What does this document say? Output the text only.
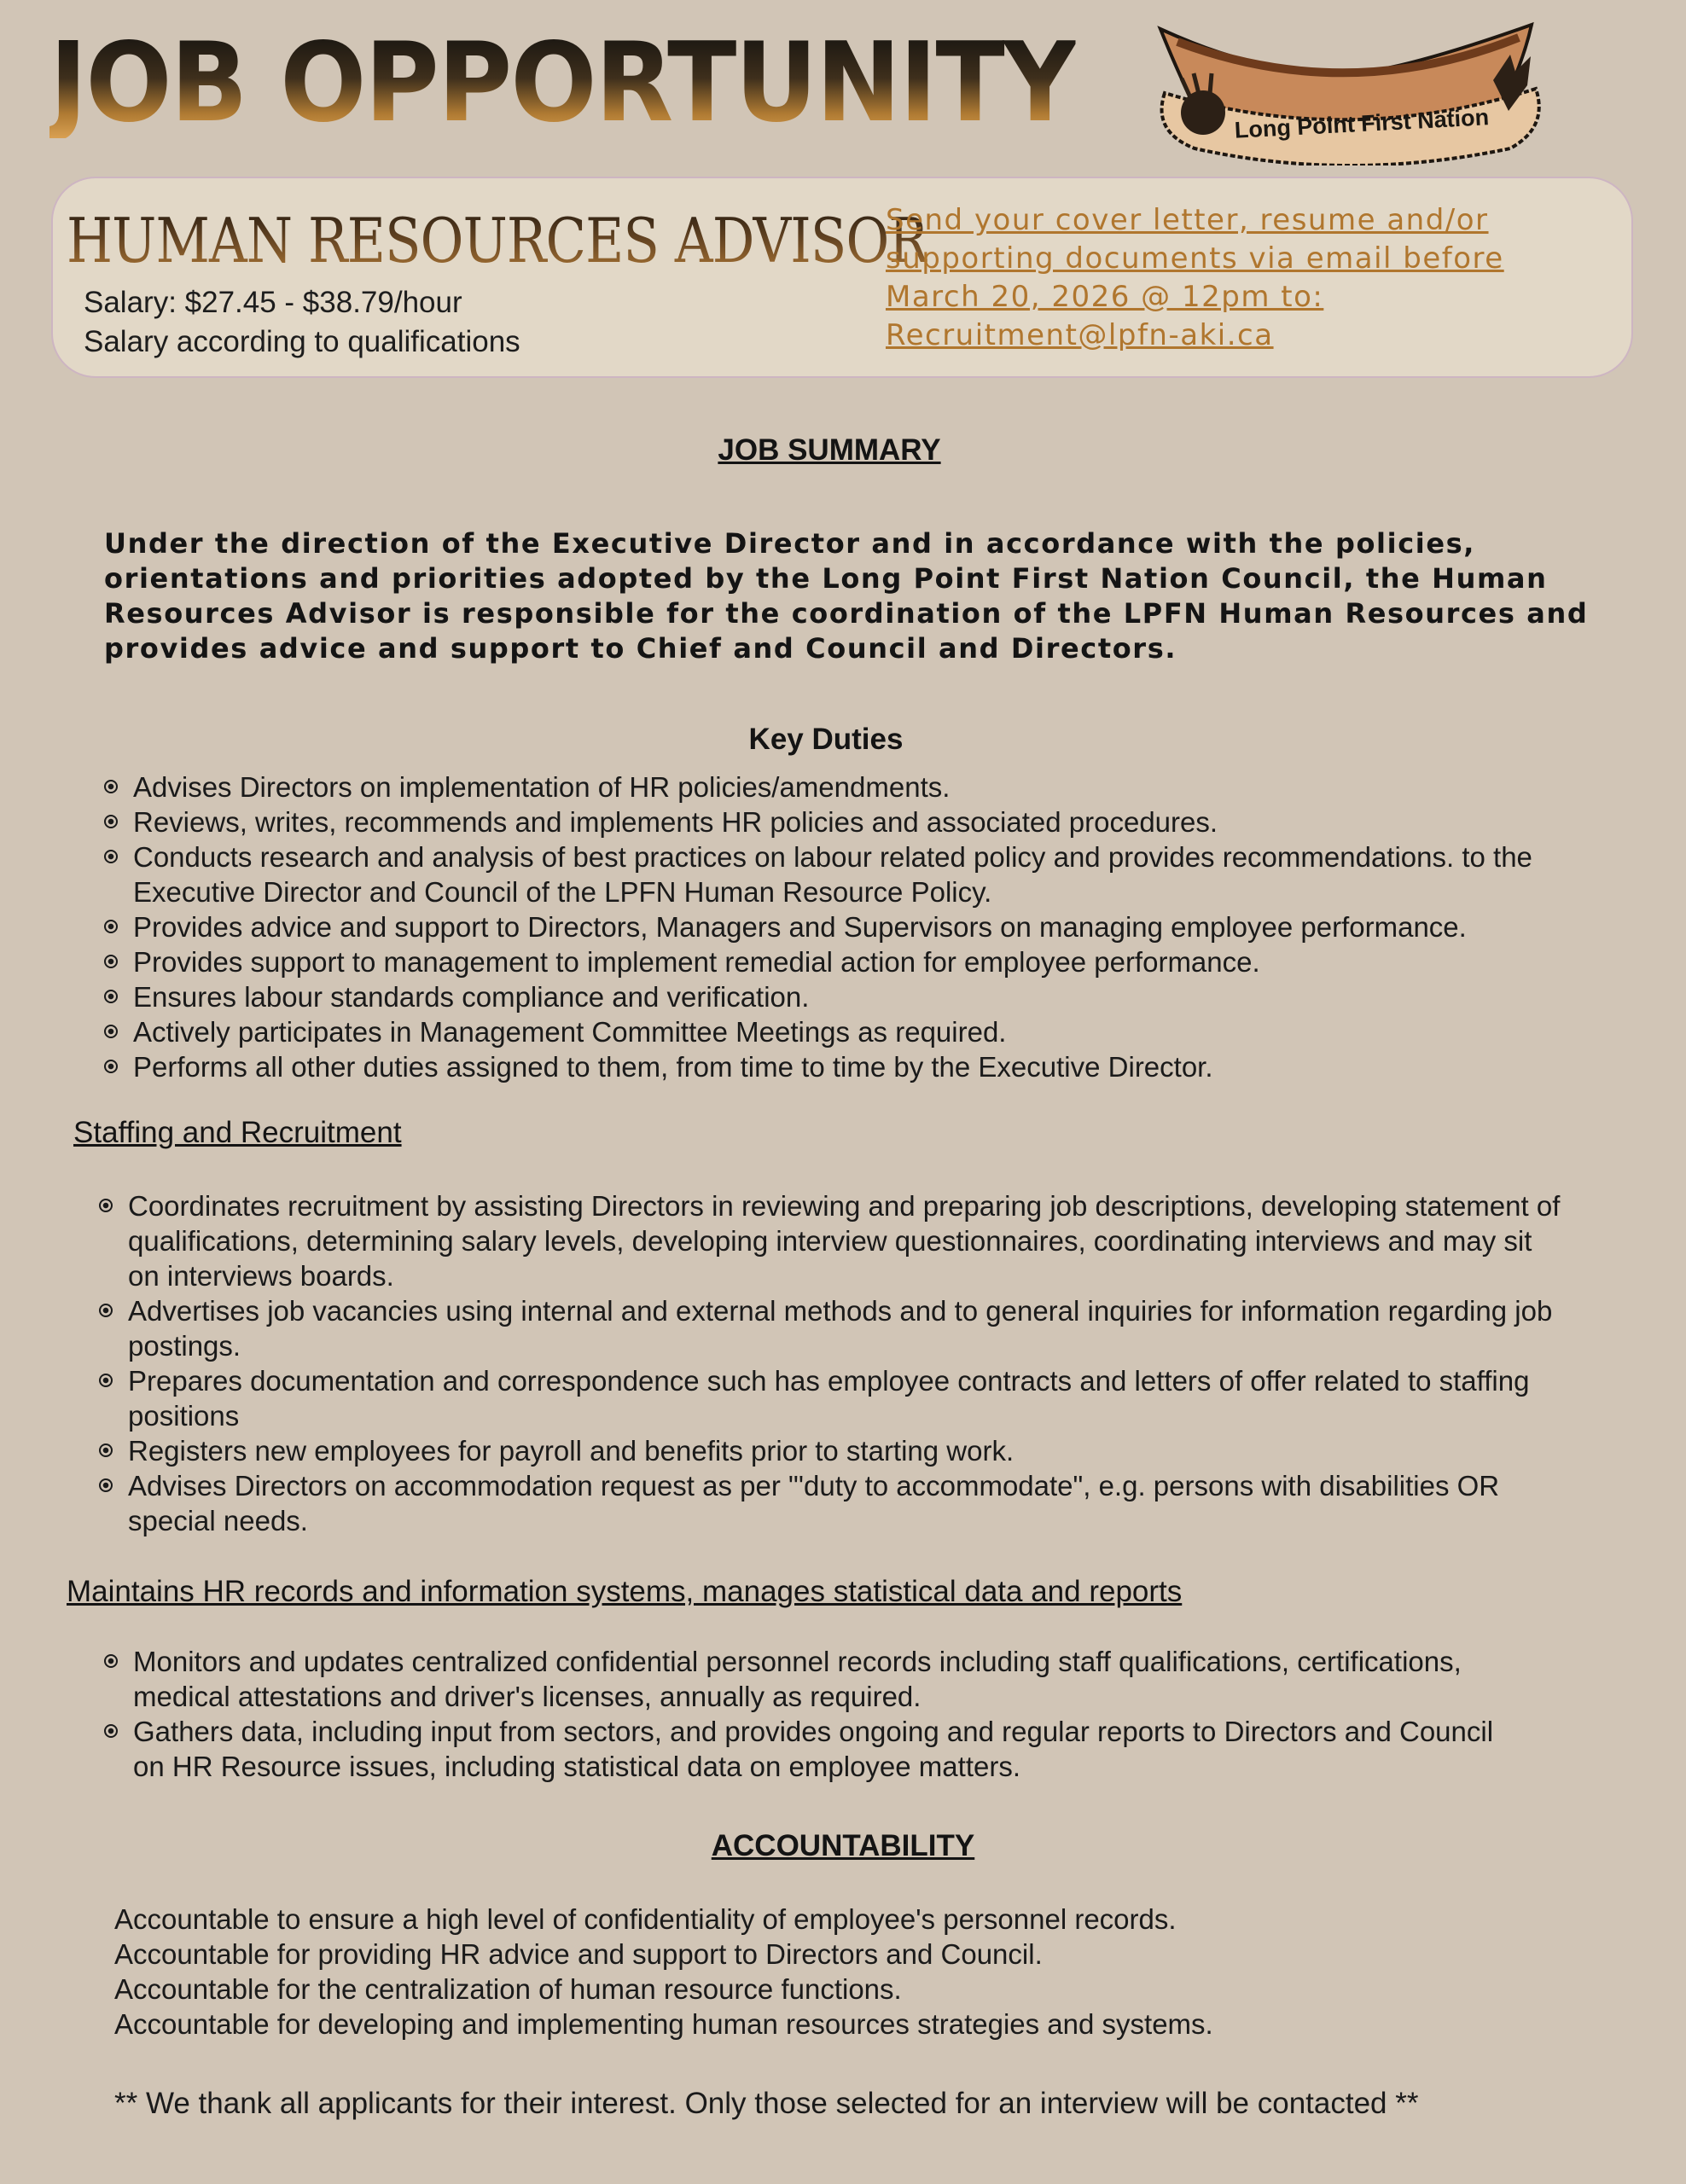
JOB OPPORTUNITY	Long Point First Nation
HUMAN RESOURCES ADVISOR
Salary: $27.45 - $38.79/hour
Salary according to qualifications
Send your cover letter, resume and/or
supporting documents via email before
March 20, 2026 @ 12pm to:
Recruitment@lpfn-aki.ca
JOB SUMMARY
Under the direction of the Executive Director and in accordance with the policies, orientations and priorities adopted by the Long Point First Nation Council, the Human Resources Advisor is responsible for the coordination of the LPFN Human Resources and provides advice and support to Chief and Council and Directors.
Key Duties
Advises Directors on implementation of HR policies/amendments.
Reviews, writes, recommends and implements HR policies and associated procedures.
Conducts research and analysis of best practices on labour related policy and provides recommendations. to the Executive Director and Council of the LPFN Human Resource Policy.
Provides advice and support to Directors, Managers and Supervisors on managing employee performance.
Provides support to management to implement remedial action for employee performance.
Ensures labour standards compliance and verification.
Actively participates in Management Committee Meetings as required.
Performs all other duties assigned to them, from time to time by the Executive Director.
Staffing and Recruitment
Coordinates recruitment by assisting Directors in reviewing and preparing job descriptions, developing statement of qualifications, determining salary levels, developing interview questionnaires, coordinating interviews and may sit on interviews boards.
Advertises job vacancies using internal and external methods and to general inquiries for information regarding job postings.
Prepares documentation and correspondence such has employee contracts and letters of offer related to staffing positions
Registers new employees for payroll and benefits prior to starting work.
Advises Directors on accommodation request as per "'duty to accommodate", e.g. persons with disabilities OR special needs.
Maintains HR records and information systems, manages statistical data and reports
Monitors and updates centralized confidential personnel records including staff qualifications, certifications, medical attestations and driver's licenses, annually as required.
Gathers data, including input from sectors, and provides ongoing and regular reports to Directors and Council on HR Resource issues, including statistical data on employee matters.
ACCOUNTABILITY
Accountable to ensure a high level of confidentiality of employee's personnel records.
Accountable for providing HR advice and support to Directors and Council.
Accountable for the centralization of human resource functions.
Accountable for developing and implementing human resources strategies and systems.
** We thank all applicants for their interest. Only those selected for an interview will be contacted **
